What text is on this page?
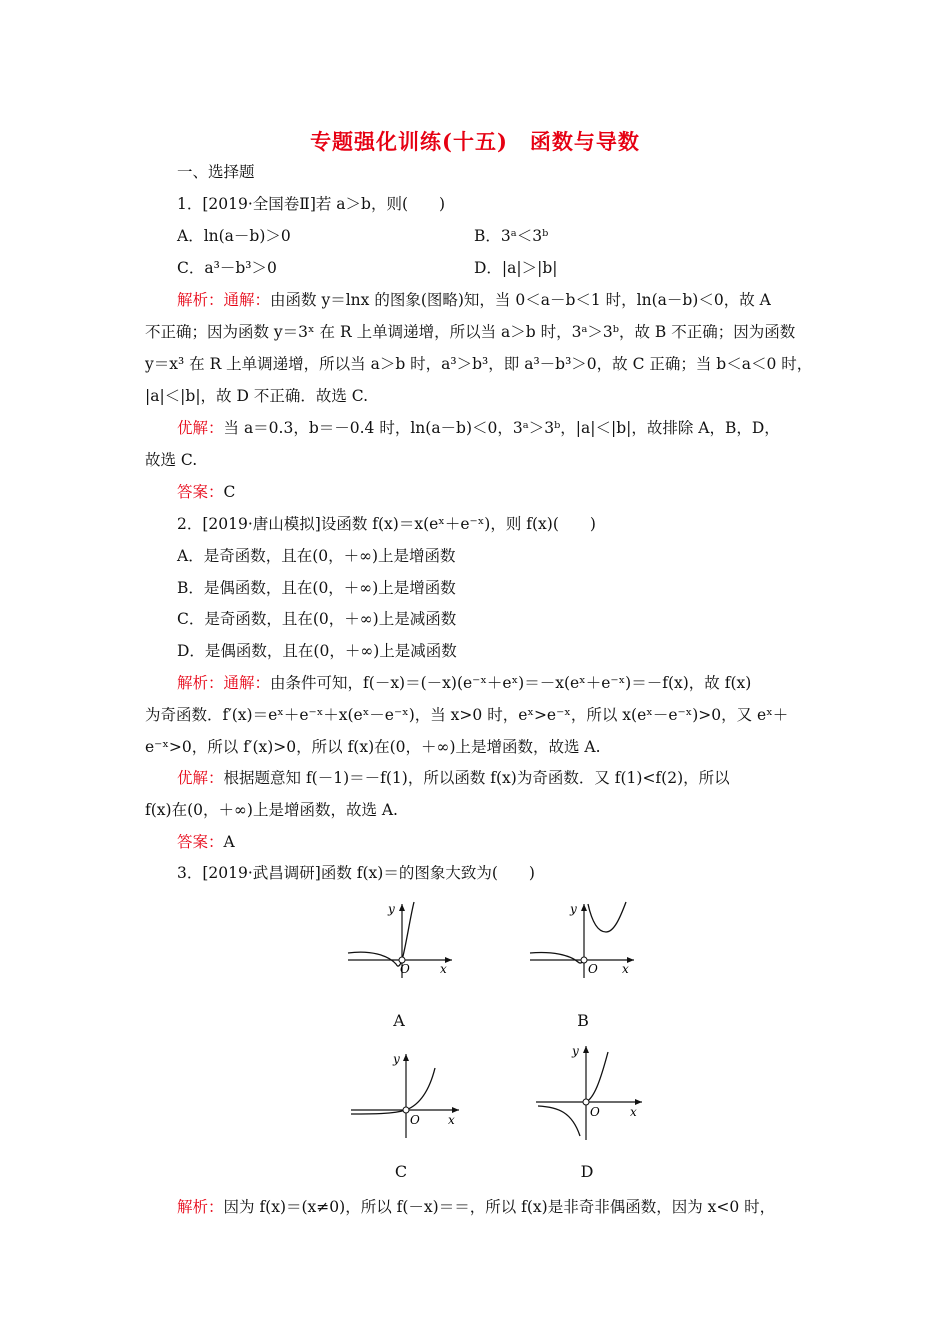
专题强化训练(十五)　函数与导数
一、选择题
1．[2019·全国卷Ⅱ]若 a＞b，则(　　)
A．ln(a－b)＞0	B．3ᵃ＜3ᵇ
C．a³－b³＞0	D．|a|＞|b|
解析：通解：由函数 y＝lnx 的图象(图略)知，当 0＜a－b＜1 时，ln(a－b)＜0，故 A
不正确；因为函数 y＝3ˣ 在 R 上单调递增，所以当 a＞b 时，3ᵃ＞3ᵇ，故 B 不正确；因为函数
y＝x³ 在 R 上单调递增，所以当 a＞b 时，a³＞b³，即 a³－b³＞0，故 C 正确；当 b＜a＜0 时，
|a|＜|b|，故 D 不正确．故选 C.
优解：当 a＝0.3，b＝－0.4 时，ln(a－b)＜0，3ᵃ＞3ᵇ，|a|＜|b|，故排除 A，B，D，
故选 C.
答案：C
2．[2019·唐山模拟]设函数 f(x)＝x(eˣ＋e⁻ˣ)，则 f(x)(　　)
A．是奇函数，且在(0，＋∞)上是增函数
B．是偶函数，且在(0，＋∞)上是增函数
C．是奇函数，且在(0，＋∞)上是减函数
D．是偶函数，且在(0，＋∞)上是减函数
解析：通解：由条件可知，f(－x)＝(－x)(e⁻ˣ＋eˣ)＝－x(eˣ＋e⁻ˣ)＝－f(x)，故 f(x)
为奇函数．f′(x)＝eˣ＋e⁻ˣ＋x(eˣ－e⁻ˣ)，当 x>0 时，eˣ>e⁻ˣ，所以 x(eˣ－e⁻ˣ)>0，又 eˣ＋
e⁻ˣ>0，所以 f′(x)>0，所以 f(x)在(0，＋∞)上是增函数，故选 A.
优解：根据题意知 f(－1)＝－f(1)，所以函数 f(x)为奇函数．又 f(1)<f(2)，所以
f(x)在(0，＋∞)上是增函数，故选 A.
答案：A
3．[2019·武昌调研]函数 f(x)＝的图象大致为(　　)
x
y
O
A
x
y
O
B
x
y
O
C
x
y
O
D
解析：因为 f(x)＝(x≠0)，所以 f(－x)＝＝，所以 f(x)是非奇非偶函数，因为 x<0 时，
